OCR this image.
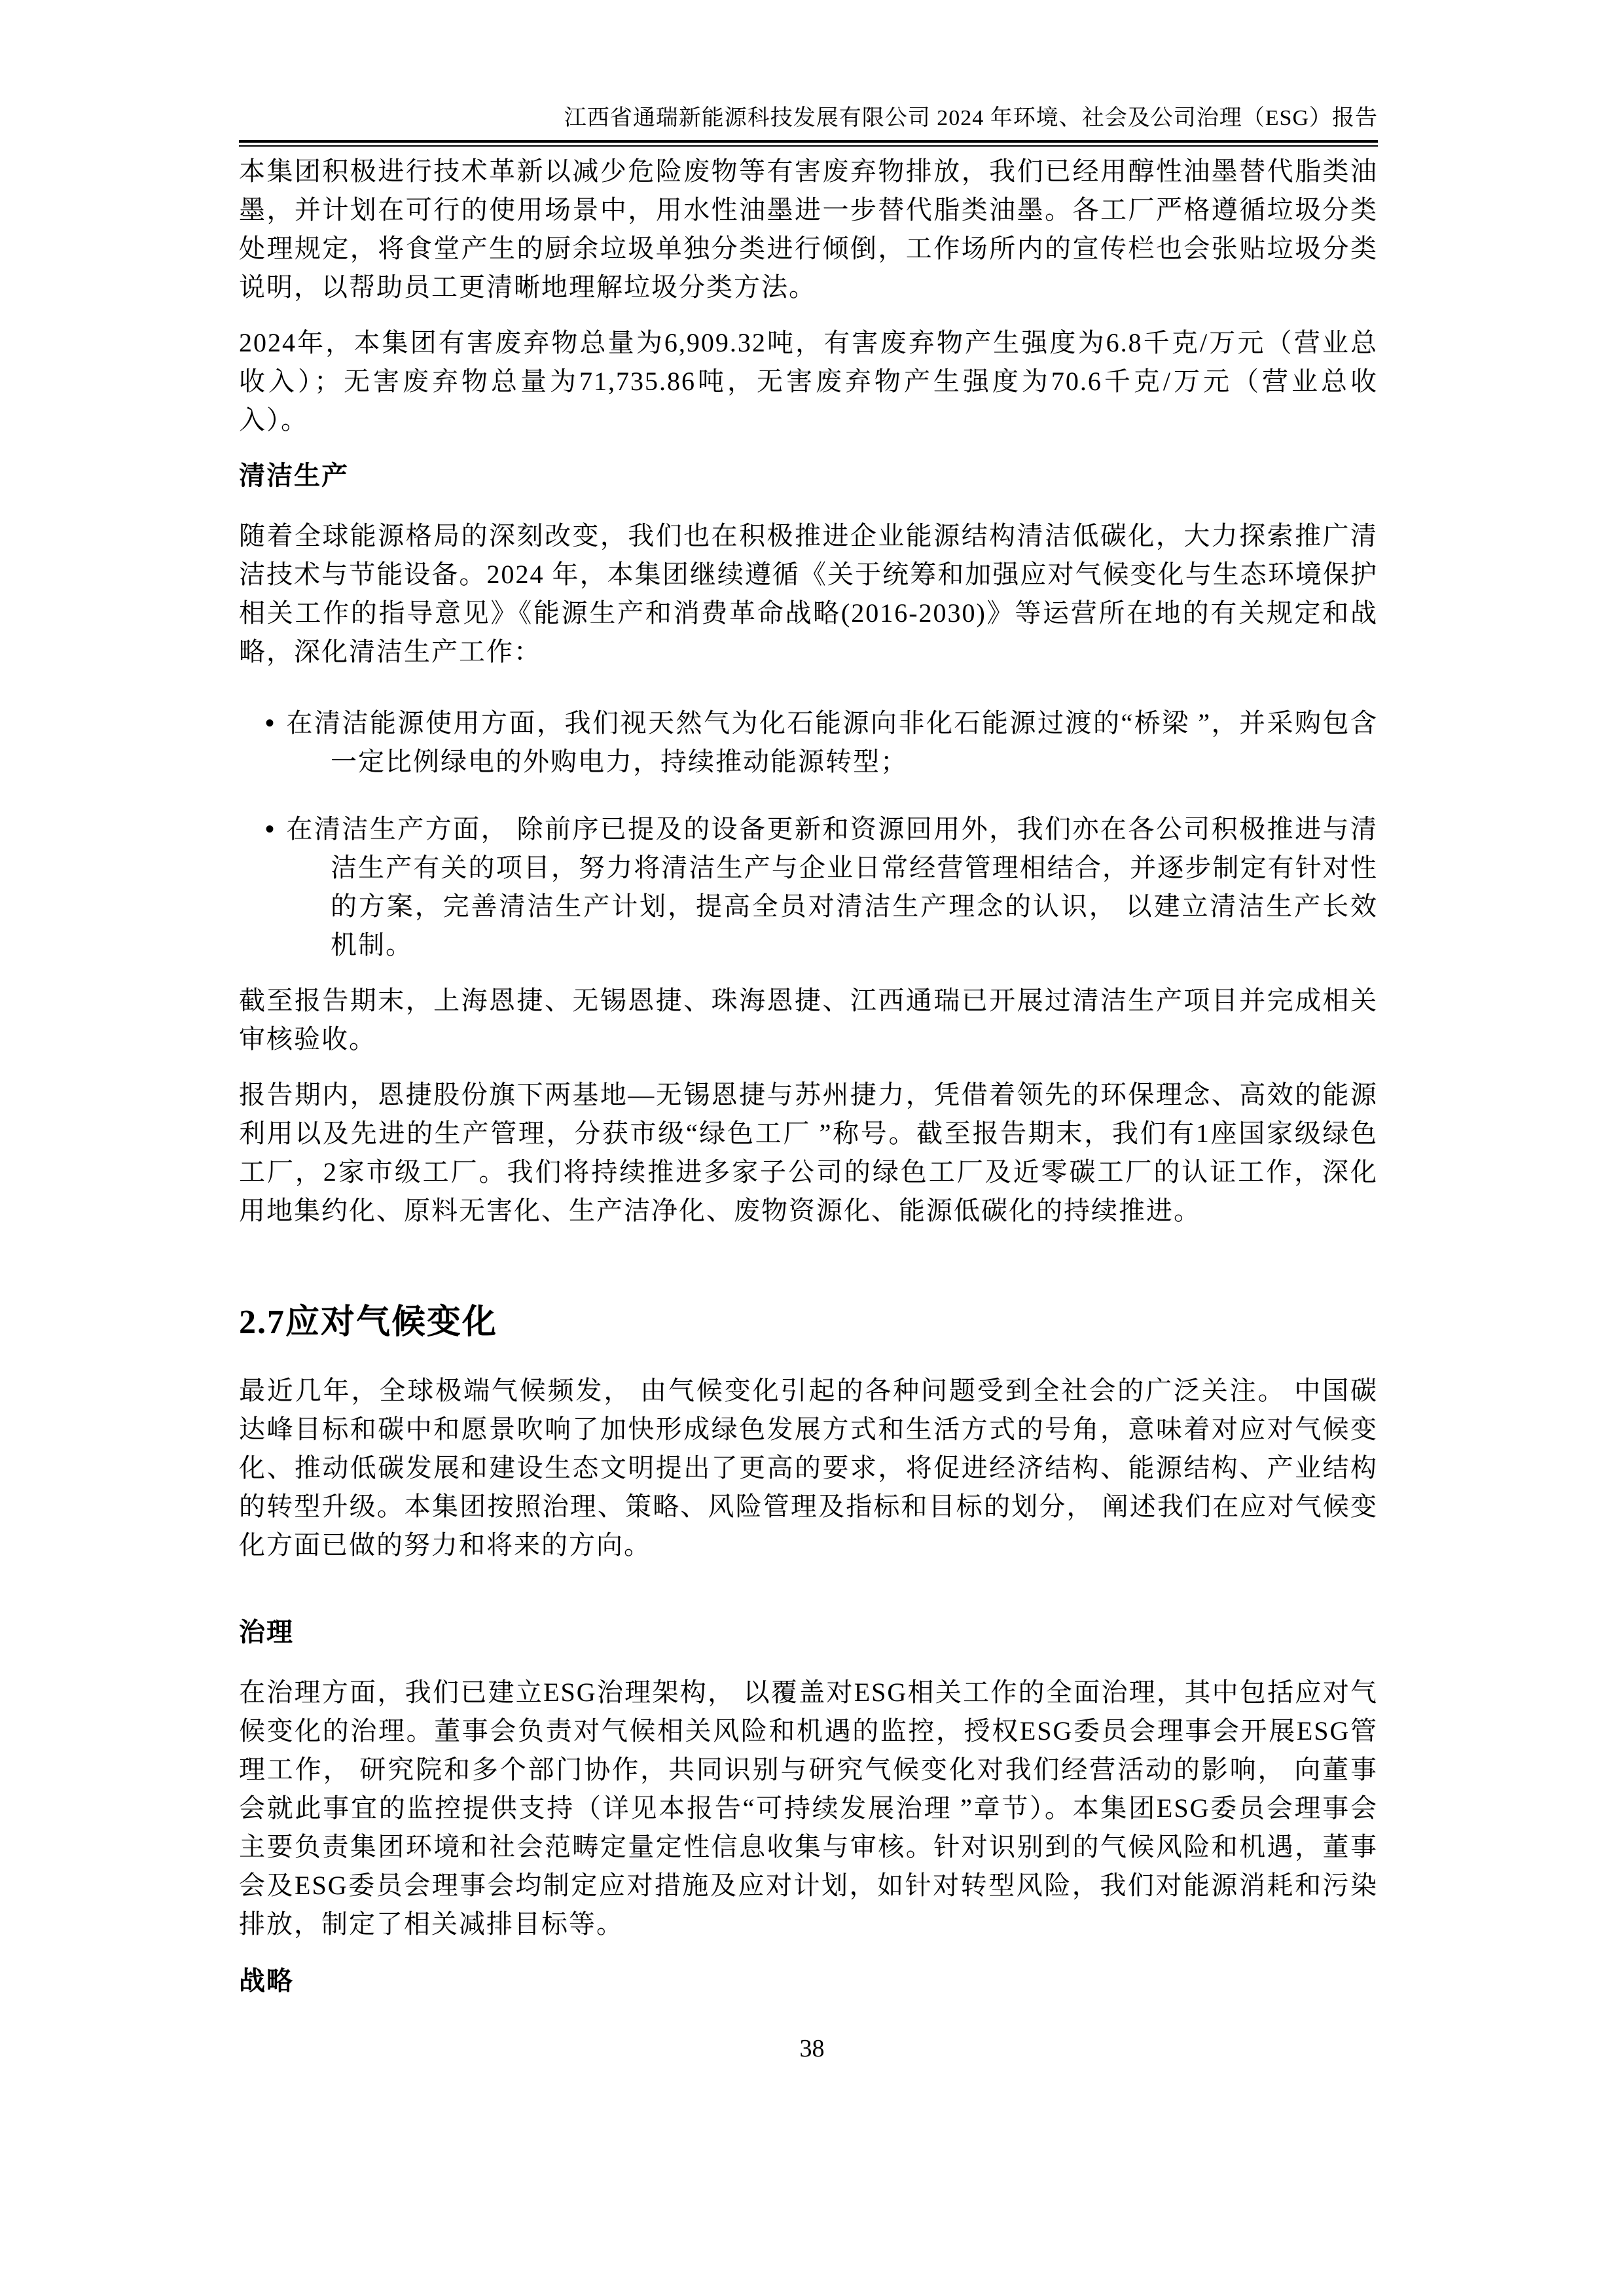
江西省通瑞新能源科技发展有限公司 2024 年环境、社会及公司治理（ESG）报告

本集团积极进行技术革新以减少危险废物等有害废弃物排放，我们已经用醇性油墨替代脂类油墨，并计划在可行的使用场景中，用水性油墨进一步替代脂类油墨。各工厂严格遵循垃圾分类处理规定，将食堂产生的厨余垃圾单独分类进行倾倒，工作场所内的宣传栏也会张贴垃圾分类说明，以帮助员工更清晰地理解垃圾分类方法。

2024年，本集团有害废弃物总量为6,909.32吨，有害废弃物产生强度为6.8千克/万元（营业总收入）；无害废弃物总量为71,735.86吨，无害废弃物产生强度为70.6千克/万元（营业总收入）。

清洁生产

随着全球能源格局的深刻改变，我们也在积极推进企业能源结构清洁低碳化，大力探索推广清洁技术与节能设备。2024 年，本集团继续遵循《关于统筹和加强应对气候变化与生态环境保护相关工作的指导意见》《能源生产和消费革命战略(2016-2030)》等运营所在地的有关规定和战略，深化清洁生产工作：

• 在清洁能源使用方面，我们视天然气为化石能源向非化石能源过渡的“桥梁 ”，并采购包含一定比例绿电的外购电力，持续推动能源转型；
• 在清洁生产方面， 除前序已提及的设备更新和资源回用外，我们亦在各公司积极推进与清洁生产有关的项目，努力将清洁生产与企业日常经营管理相结合，并逐步制定有针对性的方案，完善清洁生产计划，提高全员对清洁生产理念的认识， 以建立清洁生产长效机制。

截至报告期末，上海恩捷、无锡恩捷、珠海恩捷、江西通瑞已开展过清洁生产项目并完成相关审核验收。

报告期内，恩捷股份旗下两基地—无锡恩捷与苏州捷力，凭借着领先的环保理念、高效的能源利用以及先进的生产管理，分获市级“绿色工厂 ”称号。截至报告期末，我们有1座国家级绿色工厂，2家市级工厂。我们将持续推进多家子公司的绿色工厂及近零碳工厂的认证工作，深化用地集约化、原料无害化、生产洁净化、废物资源化、能源低碳化的持续推进。

2.7应对气候变化

最近几年，全球极端气候频发， 由气候变化引起的各种问题受到全社会的广泛关注。 中国碳达峰目标和碳中和愿景吹响了加快形成绿色发展方式和生活方式的号角，意味着对应对气候变化、推动低碳发展和建设生态文明提出了更高的要求，将促进经济结构、能源结构、产业结构的转型升级。本集团按照治理、策略、风险管理及指标和目标的划分， 阐述我们在应对气候变化方面已做的努力和将来的方向。

治理

在治理方面，我们已建立ESG治理架构， 以覆盖对ESG相关工作的全面治理，其中包括应对气候变化的治理。董事会负责对气候相关风险和机遇的监控，授权ESG委员会理事会开展ESG管理工作， 研究院和多个部门协作，共同识别与研究气候变化对我们经营活动的影响， 向董事会就此事宜的监控提供支持（详见本报告“可持续发展治理 ”章节）。本集团ESG委员会理事会主要负责集团环境和社会范畴定量定性信息收集与审核。针对识别到的气候风险和机遇，董事会及ESG委员会理事会均制定应对措施及应对计划，如针对转型风险，我们对能源消耗和污染排放，制定了相关减排目标等。

战略
38
